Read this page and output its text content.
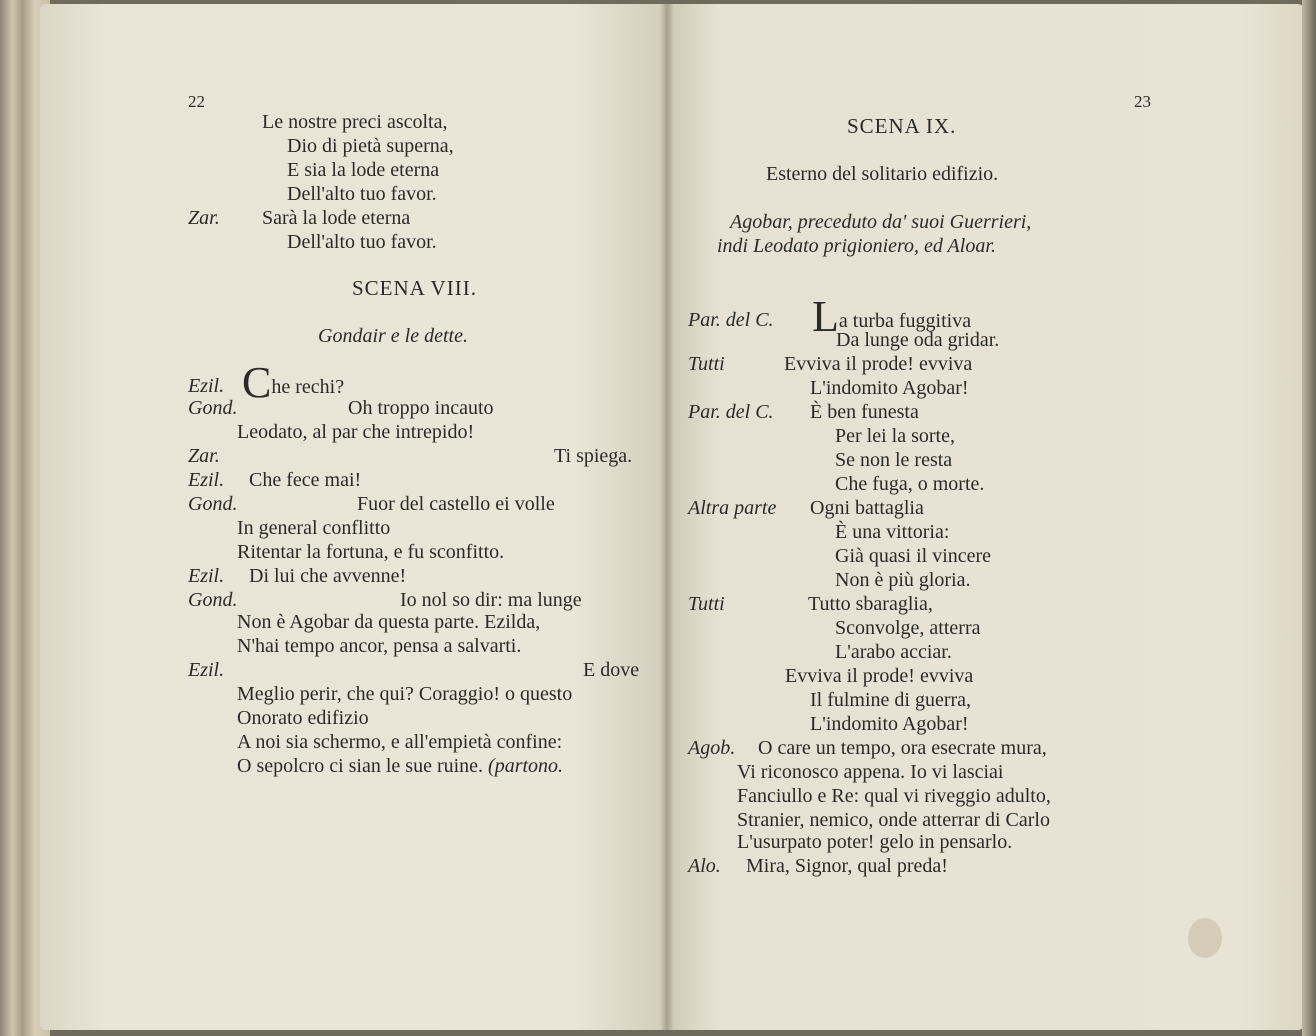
22
Le nostre preci ascolta,
Dio di pietà superna,
E sia la lode eterna
Dell'alto tuo favor.
Zar. Sarà la lode eterna
Dell'alto tuo favor.
SCENA VIII.
Gondair e le dette.
Ezil. Che rechi?
Gond.	Oh troppo incauto
Leodato, al par che intrepido!
Zar.	Ti spiega.
Ezil. Che fece mai!
Gond.	Fuor del castello ei volle
In general conflitto
Ritentar la fortuna, e fu sconfitto.
Ezil. Di lui che avvenne!
Gond.	Io nol so dir: ma lunge
Non è Agobar da questa parte. Ezilda,
N'hai tempo ancor, pensa a salvarti.
Ezil.	E dove
Meglio perir, che qui? Coraggio! o questo
Onorato edifizio
A noi sia schermo, e all'empietà confine:
O sepolcro ci sian le sue ruine. (partono.
23
SCENA IX.
Esterno del solitario edifizio.
Agobar, preceduto da' suoi Guerrieri,
indi Leodato prigioniero, ed Aloar.
Par. del C. La turba fuggitiva
Da lunge oda gridar.
Tutti	Evviva il prode! evviva
L'indomito Agobar!
Par. del C. È ben funesta
Per lei la sorte,
Se non le resta
Che fuga, o morte.
Altra parte Ogni battaglia
È una vittoria:
Già quasi il vincere
Non è più gloria.
Tutti	Tutto sbaraglia,
Sconvolge, atterra
L'arabo acciar.
Evviva il prode! evviva
Il fulmine di guerra,
L'indomito Agobar!
Agob. O care un tempo, ora esecrate mura,
Vi riconosco appena. Io vi lasciai
Fanciullo e Re: qual vi riveggio adulto,
Stranier, nemico, onde atterrar di Carlo
L'usurpato poter! gelo in pensarlo.
Alo. Mira, Signor, qual preda!
